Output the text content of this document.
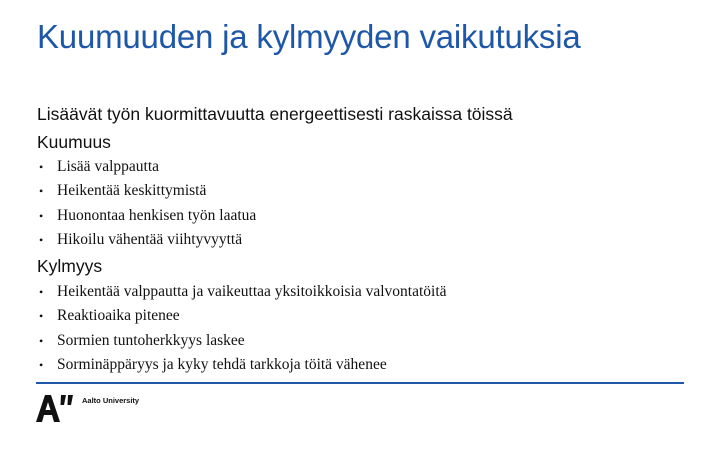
Kuumuuden ja kylmyyden vaikutuksia
Lisäävät työn kuormittavuutta energeettisesti raskaissa töissä
Kuumuus
• Lisää valppautta
• Heikentää keskittymistä
• Huonontaa henkisen työn laatua
• Hikoilu vähentää viihtyvyyttä
Kylmyys
• Heikentää valppautta ja vaikeuttaa yksitoikkoisia valvontatöitä
• Reaktioaika pitenee
• Sormien tuntoherkkyys laskee
• Sorminäppäryys ja kyky tehdä tarkkoja töitä vähenee
Aalto University
